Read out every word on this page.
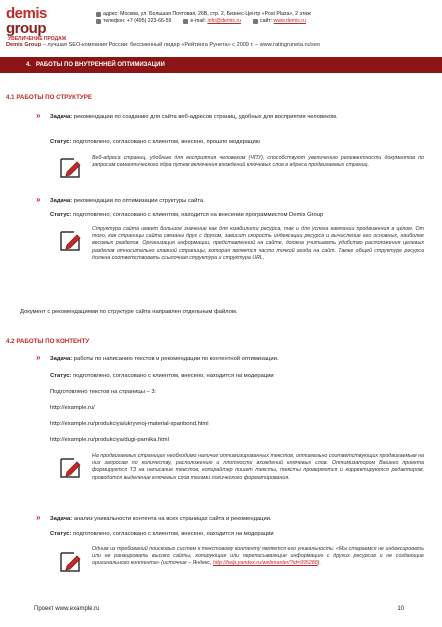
demis group
УВЕЛИЧЕНИЕ ПРОДАЖ
адрес: Москва, ул. Большая Почтовая, 26В, стр. 2, Бизнес-Центр «Post Plaza», 2 этаж
телефон: +7 (495) 223-66-59	e-mail:
info@demis.ru	сайт:
www.demis.ru
Demis Group – лучшая SEO-компания России: бессменный лидер «Рейтинга Рунета» с 2009 г. – www.ratingruneta.ru/seo
4. РАБОТЫ ПО ВНУТРЕННЕЙ ОПТИМИЗАЦИИ
4.1 РАБОТЫ ПО СТРУКТУРЕ
» Задача: рекомендации по созданию для сайта веб-адресов страниц, удобных для восприятия человеком.
Статус: подготовлено, согласовано с клиентом, внесено, прошло модерацию
Веб-адреса страниц, удобные для восприятия человеком (ЧПУ), способствуют увеличению релевантности документов по запросам семантического ядра путем включения вхождений ключевых слов в адреса продвигаемых страниц.
» Задача: рекомендации по оптимизации структуры сайта.
Статус: подготовлено, согласовано с клиентом, находится на внесении программистом Demis Group
Структура сайта имеет большое значение как для юзабилити ресурса, так и для успеха кампании продвижения в целом. От того, как страницы сайта связаны друг с другом, зависит скорость индексации ресурса и вычисление его основных, наиболее весомых разделов. Организация информации, представленной на сайте, должна учитывать удобство расположения целевых разделов относительно главной страницы, которая является часто точкой входа на сайт. Также общей структуре ресурса должна соответствовать ссылочная структура и структура URL.
Документ с рекомендациями по структуре сайта направлен отдельным файлом.
4.2 РАБОТЫ ПО КОНТЕНТУ
» Задача: работы по написанию текстов и рекомендации по контентной оптимизации.
Статус: подготовлено, согласовано с клиентом, внесено, находится на модерации
Подготовлено текстов на страницы – 3:
http://example.ru/
http://example.ru/produkciya/ukryvnoj-material-spanbond.html
http://example.ru/produkciya/dugi-parnika.html
На продвигаемых страницах необходимо наличие оптимизированных текстов, оптимально соответствующих продвигаемым на них запросам по количеству, расположению и плотности вхождений ключевых слов. Оптимизатором Вашего проекта формируется ТЗ на написание текстов, копирайтер пишет тексты, тексты проверяются и корректируются редактором, проводится выделение ключевых слов тегами логического форматирования.
» Задача: анализ уникальности контента на всех страницах сайта и рекомендации.
Статус: подготовлено, согласовано с клиентом, внесено, находится на модерации
Одним из требований поисковых систем к текстовому контенту является его уникальность: «Мы стараемся не индексировать или не ранжировать высоко сайты, копирующие или переписывающие информацию с других ресурсов и не создающие оригинального контента» (источник – Яндекс, http://help.yandex.ru/webmaster/?id=995288).
Проект www.example.ru	10
